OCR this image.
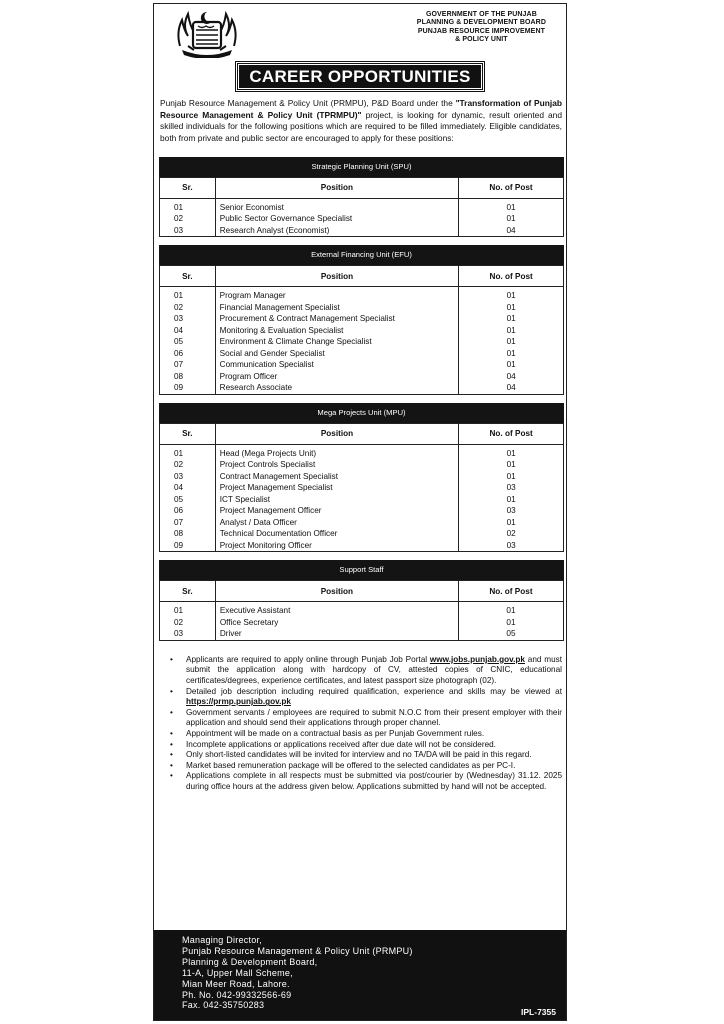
GOVERNMENT OF THE PUNJAB
PLANNING & DEVELOPMENT BOARD
PUNJAB RESOURCE IMPROVEMENT
& POLICY UNIT
CAREER OPPORTUNITIES

Punjab Resource Management & Policy Unit (PRMPU), P&D Board under the "Transformation of Punjab Resource Management & Policy Unit (TPRMPU)" project, is looking for dynamic, result oriented and skilled individuals for the following positions which are required to be filled immediately. Eligible candidates, both from private and public sector are encouraged to apply for these positions:

Strategic Planning Unit (SPU)
Sr.	Position	No. of Post
01	Senior Economist	01
02	Public Sector Governance Specialist	01
03	Research Analyst (Economist)	04
External Financing Unit (EFU)
Sr.	Position	No. of Post
01	Program Manager	01
02	Financial Management Specialist	01
03	Procurement & Contract Management Specialist	01
04	Monitoring & Evaluation Specialist	01
05	Environment & Climate Change Specialist	01
06	Social and Gender Specialist	01
07	Communication Specialist	01
08	Program Officer	04
09	Research Associate	04
Mega Projects Unit (MPU)
Sr.	Position	No. of Post
01	Head (Mega Projects Unit)	01
02	Project Controls Specialist	01
03	Contract Management Specialist	01
04	Project Management Specialist	03
05	ICT Specialist	01
06	Project Management Officer	03
07	Analyst / Data Officer	01
08	Technical Documentation Officer	02
09	Project Monitoring Officer	03
Support Staff
Sr.	Position	No. of Post
01	Executive Assistant	01
02	Office Secretary	01
03	Driver	05
• Applicants are required to apply online through Punjab Job Portal www.jobs.punjab.gov.pk and must submit the application along with hardcopy of CV, attested copies of CNIC, educational certificates/degrees, experience certificates, and latest passport size photograph (02).
• Detailed job description including required qualification, experience and skills may be viewed at https://prmp.punjab.gov.pk
• Government servants / employees are required to submit N.O.C from their present employer with their application and should send their applications through proper channel.
• Appointment will be made on a contractual basis as per Punjab Government rules.
• Incomplete applications or applications received after due date will not be considered.
• Only short-listed candidates will be invited for interview and no TA/DA will be paid in this regard.
• Market based remuneration package will be offered to the selected candidates as per PC-I.
• Applications complete in all respects must be submitted via post/courier by (Wednesday) 31.12. 2025 during office hours at the address given below. Applications submitted by hand will not be accepted.
Managing Director,
Punjab Resource Management & Policy Unit (PRMPU)
Planning & Development Board,
11-A, Upper Mall Scheme,
Mian Meer Road, Lahore.
Ph. No. 042-99332566-69
Fax. 042-35750283
IPL-7355
